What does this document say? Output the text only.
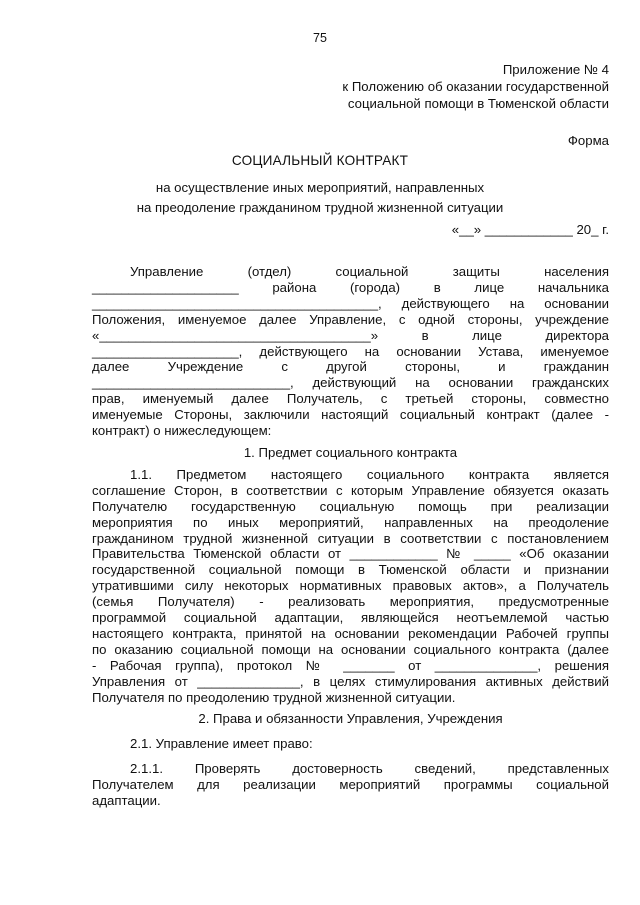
75
Приложение № 4
к Положению об оказании государственной
социальной помощи в Тюменской области
Форма
СОЦИАЛЬНЫЙ КОНТРАКТ
на осуществление иных мероприятий, направленных
на преодоление гражданином трудной жизненной ситуации
«__» ____________ 20_ г.
Управление (отдел) социальной защиты населения
____________________ района (города) в лице начальника
_______________________________________, действующего на основании
Положения, именуемое далее Управление, с одной стороны, учреждение
«_____________________________________» в лице директора
____________________, действующего на основании Устава, именуемое
далее Учреждение с другой стороны, и гражданин
___________________________, действующий на основании гражданских
прав, именуемый далее Получатель, с третьей стороны, совместно
именуемые Стороны, заключили настоящий социальный контракт (далее -
контракт) о нижеследующем:
1. Предмет социального контракта
1.1. Предметом настоящего социального контракта является
соглашение Сторон, в соответствии с которым Управление обязуется оказать
Получателю государственную социальную помощь при реализации
мероприятия по иных мероприятий, направленных на преодоление
гражданином трудной жизненной ситуации в соответствии с постановлением
Правительства Тюменской области от ____________ № _____ «Об оказании
государственной социальной помощи в Тюменской области и признании
утратившими силу некоторых нормативных правовых актов», а Получатель
(семья Получателя) - реализовать мероприятия, предусмотренные
программой социальной адаптации, являющейся неотъемлемой частью
настоящего контракта, принятой на основании рекомендации Рабочей группы
по оказанию социальной помощи на основании социального контракта (далее
- Рабочая группа), протокол № _______ от ______________, решения
Управления от ______________, в целях стимулирования активных действий
Получателя по преодолению трудной жизненной ситуации.
2. Права и обязанности Управления, Учреждения
2.1. Управление имеет право:
2.1.1. Проверять достоверность сведений, представленных
Получателем для реализации мероприятий программы социальной
адаптации.
